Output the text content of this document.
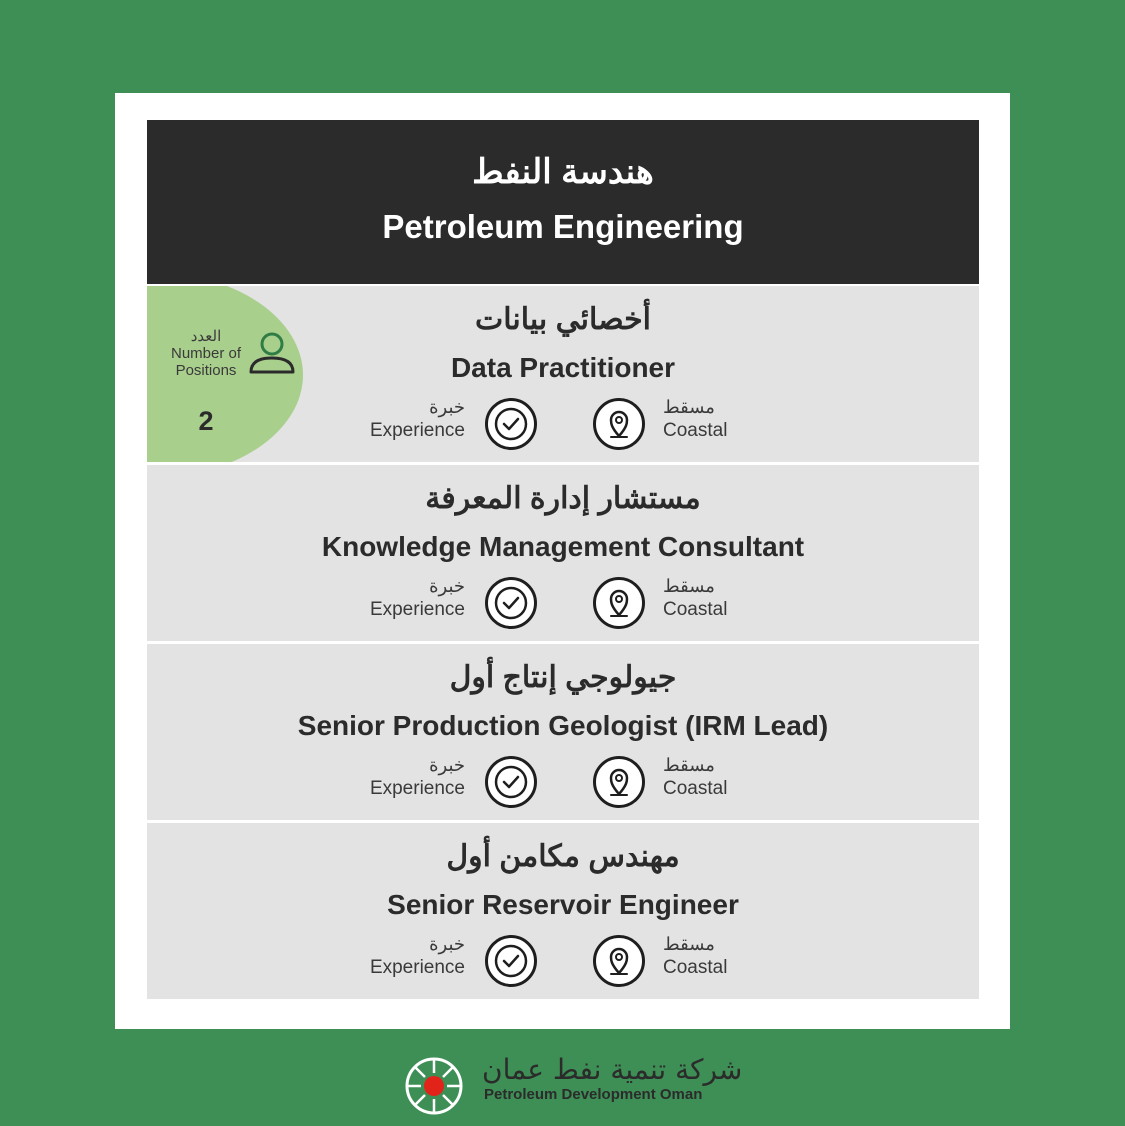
هندسة النفط
Petroleum Engineering
العدد
Number of
Positions
2
أخصائي بيانات
Data Practitioner
خبرة
Experience
مسقط
Coastal
مستشار إدارة المعرفة
Knowledge Management Consultant
خبرة
Experience
مسقط
Coastal
جيولوجي إنتاج أول
Senior Production Geologist (IRM Lead)
خبرة
Experience
مسقط
Coastal
مهندس مكامن أول
Senior Reservoir Engineer
خبرة
Experience
مسقط
Coastal
شركة تنمية نفط عمان
Petroleum Development Oman
